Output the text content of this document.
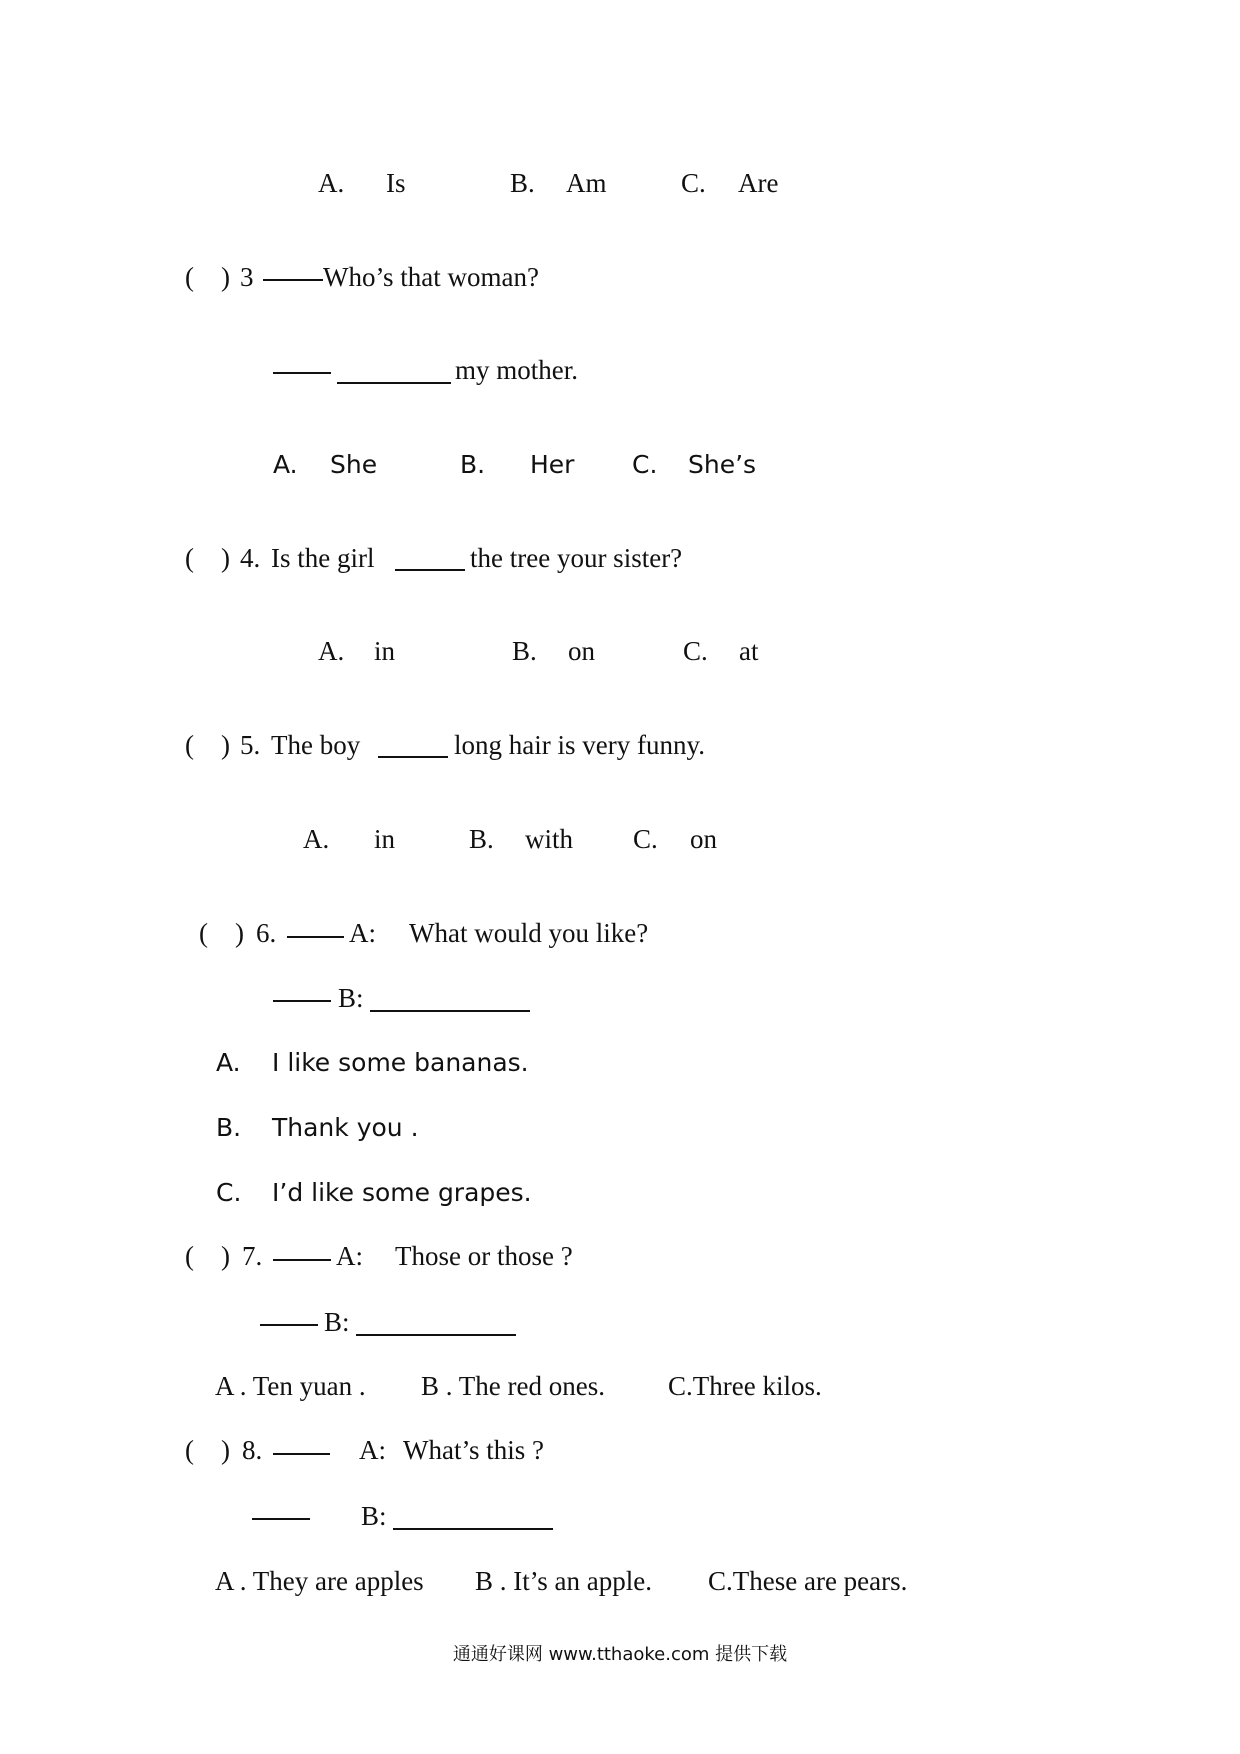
A. Is	B. Am	C. Are
(    ) 3	Who’s that woman?
my mother.
A. She	B. Her C. She’s
(    ) 4. Is the girl	the tree your sister?
A. in	B. on	C. at
(    ) 5. The boy	long hair is very funny.
A. in	B. with C. on
(    ) 6.	A: What would you like?
B:
A. I like some bananas.
B. Thank you .
C. I’d like some grapes.
(    ) 7.	A: Those or those ?
B:
A . Ten yuan . B . The red ones. C.Three kilos.
(    ) 8.	A: What’s this ?
B:
A . They are apples B . It’s an apple. C.These are pears.
通通好课网 www.tthaoke.com 提供下载
